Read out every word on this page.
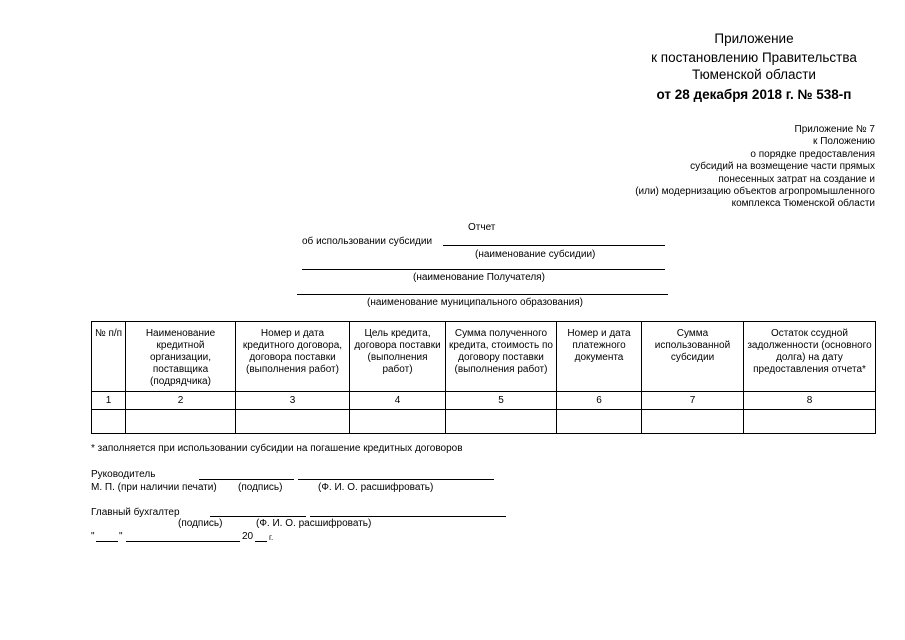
Приложение
к постановлению Правительства
Тюменской области
от 28 декабря 2018 г. № 538-п
Приложение № 7
к Положению
о порядке предоставления
субсидий на возмещение части прямых
понесенных затрат на создание и
(или) модернизацию объектов агропромышленного
комплекса Тюменской области
Отчет
об использовании субсидии
(наименование субсидии)
(наименование Получателя)
(наименование муниципального образования)
№ п/п	Наименование кредитной организации, поставщика (подрядчика)	Номер и дата кредитного договора, договора поставки (выполнения работ)	Цель кредита, договора поставки (выполнения работ)	Сумма полученного кредита, стоимость по договору поставки (выполнения работ)	Номер и дата платежного документа	Сумма использованной субсидии	Остаток ссудной задолженности (основного долга) на дату предоставления отчета*
1	2	3	4	5	6	7	8

* заполняется при использовании субсидии на погашение кредитных договоров
Руководитель
М. П. (при наличии печати) (подпись)	(Ф. И. О. расшифровать)
Главный бухгалтер
(подпись)	(Ф. И. О. расшифровать)
" "	20 г.
